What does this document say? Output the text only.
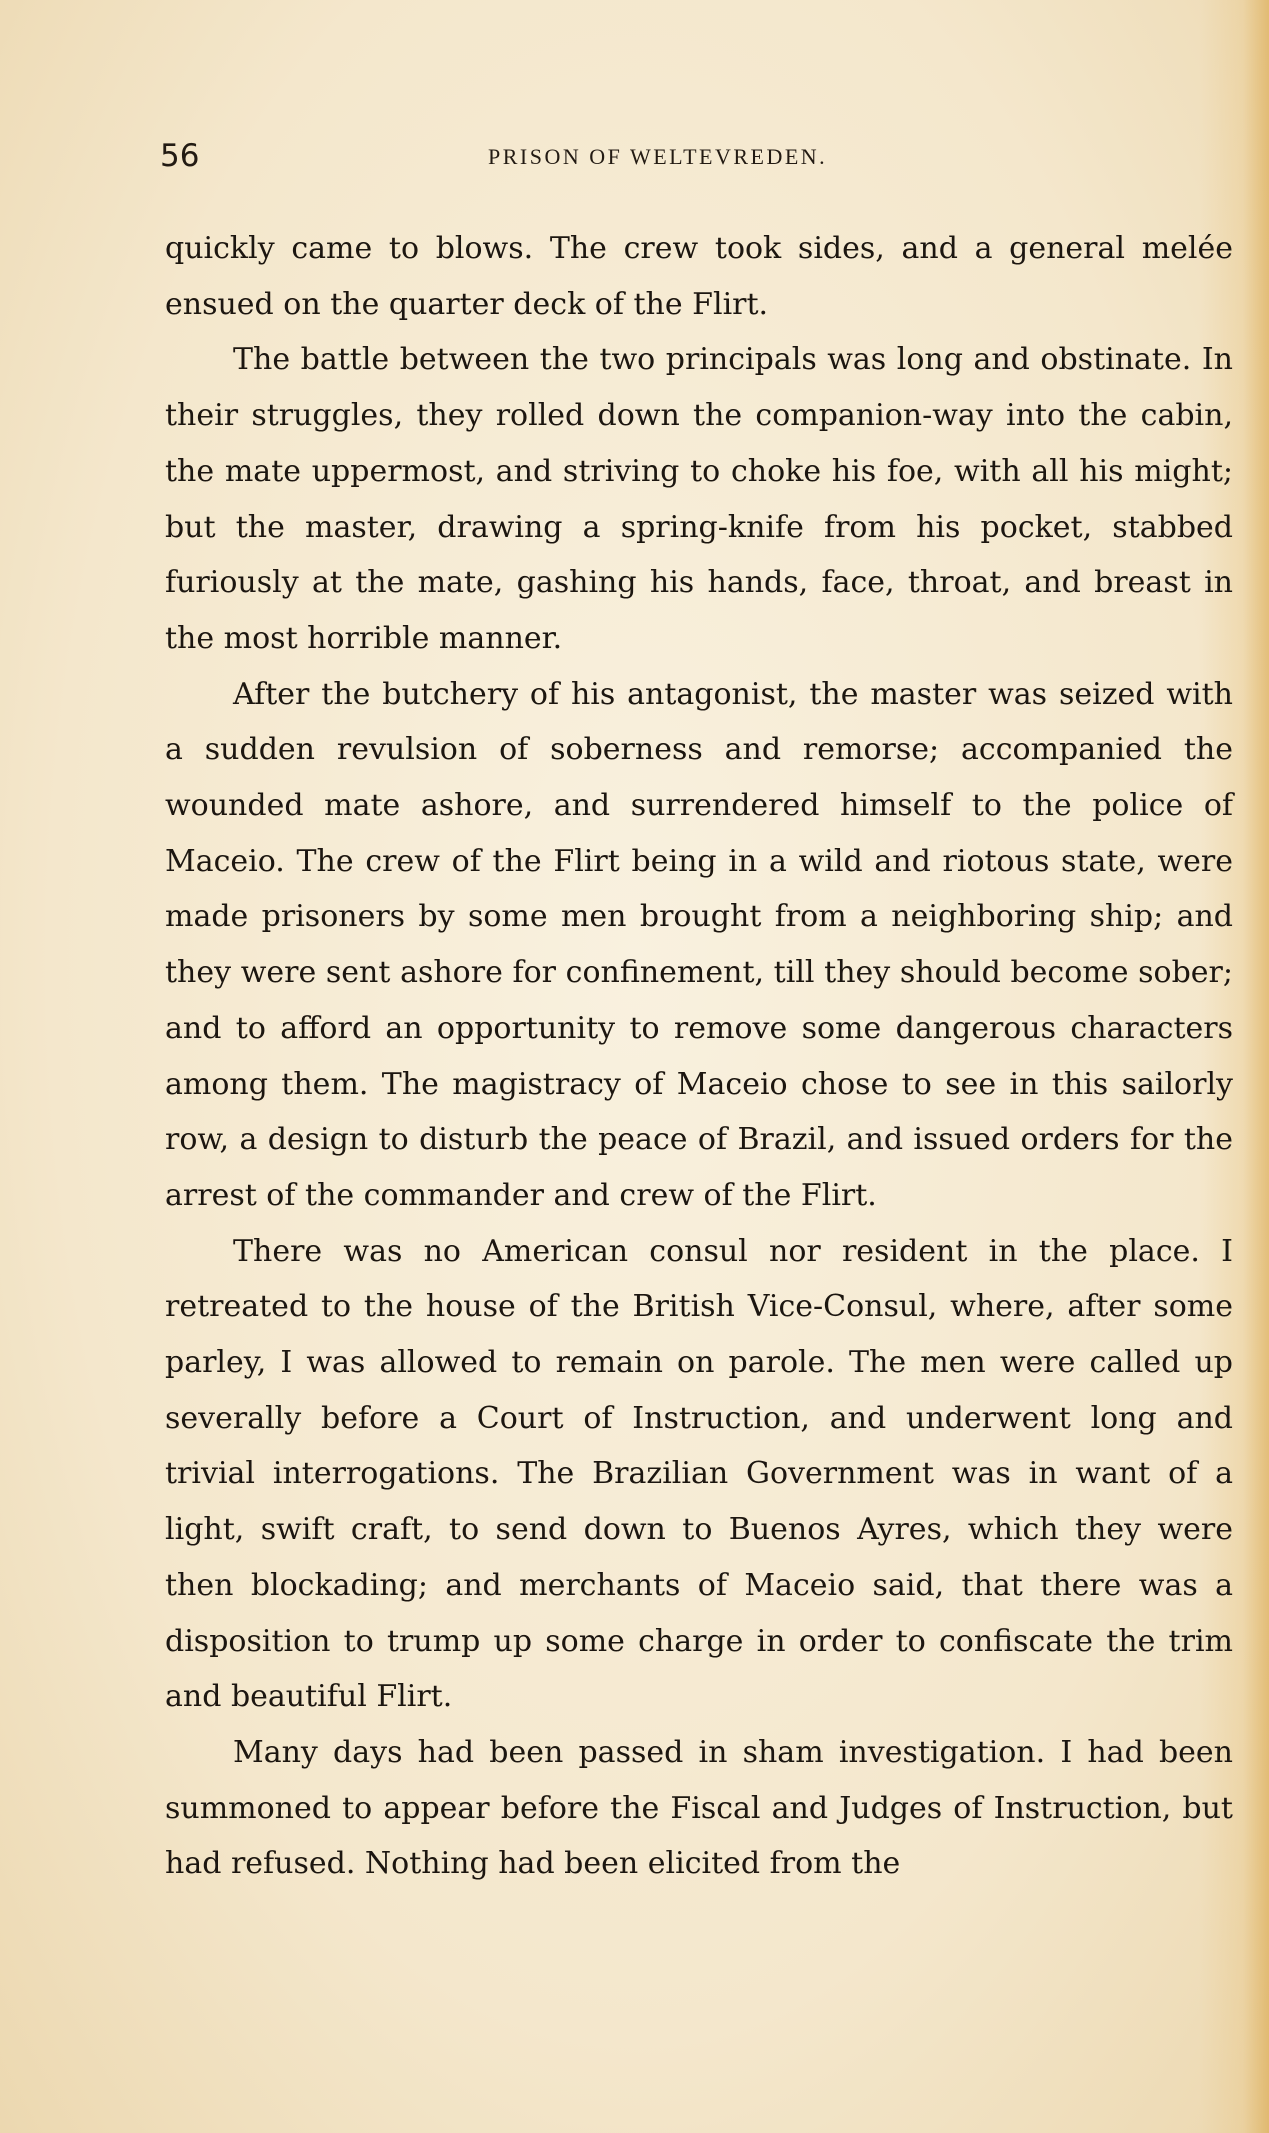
56	PRISON OF WELTEVREDEN.

quickly came to blows. The crew took sides, and a general melée ensued on the quarter deck of the Flirt.

The battle between the two principals was long and obstinate. In their struggles, they rolled down the companion-way into the cabin, the mate uppermost, and striving to choke his foe, with all his might; but the master, drawing a spring-knife from his pocket, stabbed furiously at the mate, gashing his hands, face, throat, and breast in the most horrible manner.

After the butchery of his antagonist, the master was seized with a sudden revulsion of soberness and remorse; accompanied the wounded mate ashore, and surrendered himself to the police of Maceio. The crew of the Flirt being in a wild and riotous state, were made prisoners by some men brought from a neighboring ship; and they were sent ashore for confinement, till they should become sober; and to afford an opportunity to remove some dangerous characters among them. The magistracy of Maceio chose to see in this sailorly row, a design to disturb the peace of Brazil, and issued orders for the arrest of the commander and crew of the Flirt.

There was no American consul nor resident in the place. I retreated to the house of the British Vice-Consul, where, after some parley, I was allowed to remain on parole. The men were called up severally before a Court of Instruction, and underwent long and trivial interrogations. The Brazilian Government was in want of a light, swift craft, to send down to Buenos Ayres, which they were then blockading; and merchants of Maceio said, that there was a disposition to trump up some charge in order to confiscate the trim and beautiful Flirt.

Many days had been passed in sham investigation. I had been summoned to appear before the Fiscal and Judges of Instruction, but had refused. Nothing had been elicited from the
